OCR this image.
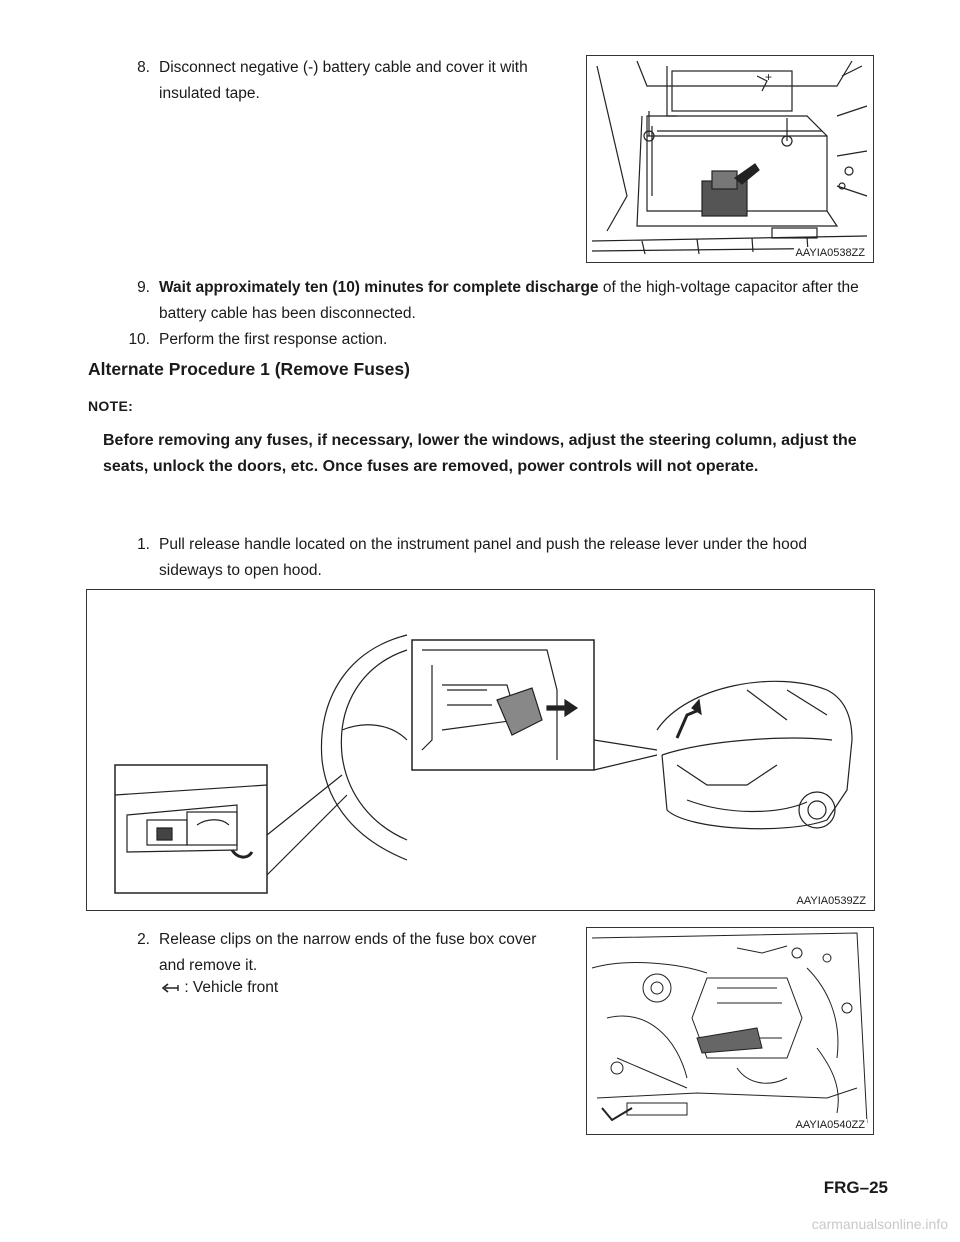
8. Disconnect negative (-) battery cable and cover it with insulated tape.
+
AAYIA0538ZZ
9. Wait approximately ten (10) minutes for complete discharge of the high-voltage capacitor after the battery cable has been disconnected.
10. Perform the first response action.
Alternate Procedure 1 (Remove Fuses)
NOTE:
Before removing any fuses, if necessary, lower the windows, adjust the steering column, adjust the seats, unlock the doors, etc. Once fuses are removed, power controls will not operate.
1. Pull release handle located on the instrument panel and push the release lever under the hood sideways to open hood.
AAYIA0539ZZ
2. Release clips on the narrow ends of the fuse box cover and remove it.
: Vehicle front
AAYIA0540ZZ
FRG–25
carmanualsonline.info
